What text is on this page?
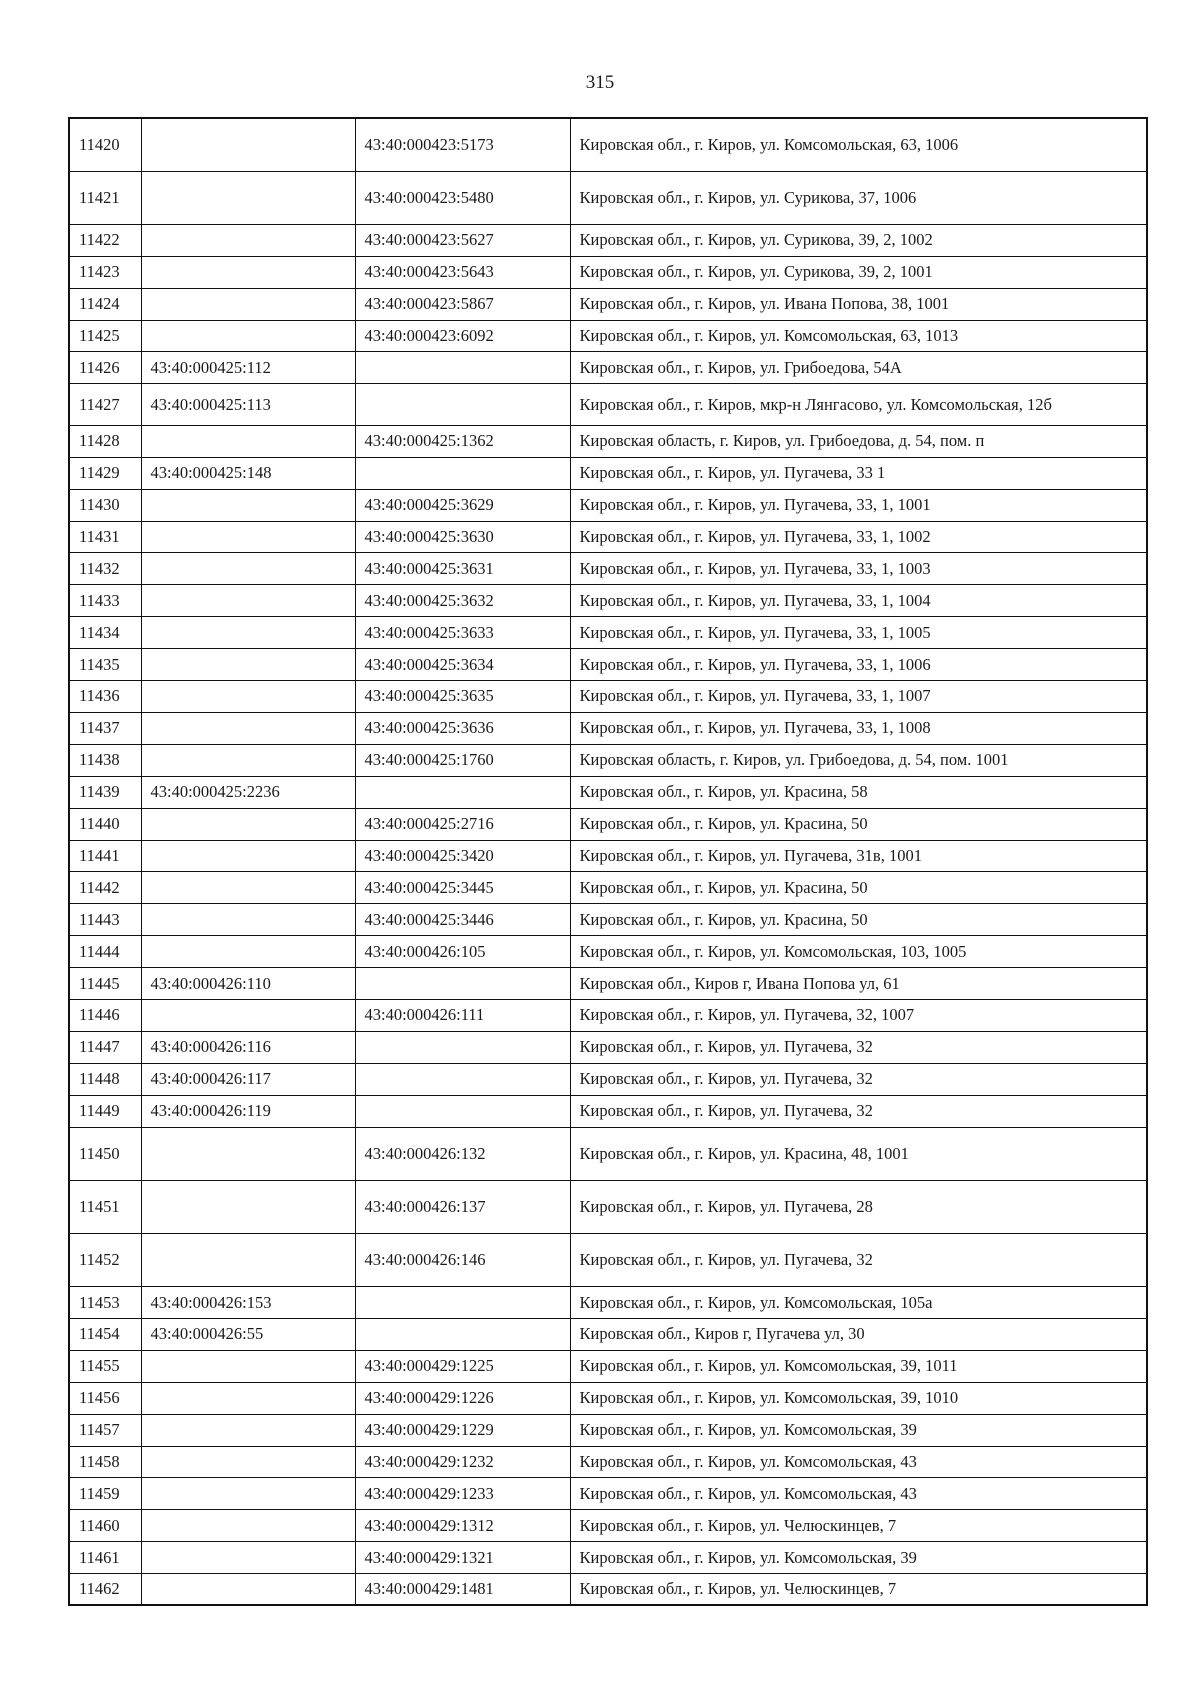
315
11420		43:40:000423:5173	Кировская обл., г. Киров, ул. Комсомольская, 63, 1006
11421		43:40:000423:5480	Кировская обл., г. Киров, ул. Сурикова, 37, 1006
11422		43:40:000423:5627	Кировская обл., г. Киров, ул. Сурикова, 39, 2, 1002
11423		43:40:000423:5643	Кировская обл., г. Киров, ул. Сурикова, 39, 2, 1001
11424		43:40:000423:5867	Кировская обл., г. Киров, ул. Ивана Попова, 38, 1001
11425		43:40:000423:6092	Кировская обл., г. Киров, ул. Комсомольская, 63, 1013
11426	43:40:000425:112		Кировская обл., г. Киров, ул. Грибоедова, 54А
11427	43:40:000425:113		Кировская обл., г. Киров, мкр-н Лянгасово, ул. Комсомольская, 12б
11428		43:40:000425:1362	Кировская область, г. Киров, ул. Грибоедова, д. 54, пом. п
11429	43:40:000425:148		Кировская обл., г. Киров, ул. Пугачева, 33 1
11430		43:40:000425:3629	Кировская обл., г. Киров, ул. Пугачева, 33, 1, 1001
11431		43:40:000425:3630	Кировская обл., г. Киров, ул. Пугачева, 33, 1, 1002
11432		43:40:000425:3631	Кировская обл., г. Киров, ул. Пугачева, 33, 1, 1003
11433		43:40:000425:3632	Кировская обл., г. Киров, ул. Пугачева, 33, 1, 1004
11434		43:40:000425:3633	Кировская обл., г. Киров, ул. Пугачева, 33, 1, 1005
11435		43:40:000425:3634	Кировская обл., г. Киров, ул. Пугачева, 33, 1, 1006
11436		43:40:000425:3635	Кировская обл., г. Киров, ул. Пугачева, 33, 1, 1007
11437		43:40:000425:3636	Кировская обл., г. Киров, ул. Пугачева, 33, 1, 1008
11438		43:40:000425:1760	Кировская область, г. Киров, ул. Грибоедова, д. 54, пом. 1001
11439	43:40:000425:2236		Кировская обл., г. Киров, ул. Красина, 58
11440		43:40:000425:2716	Кировская обл., г. Киров, ул. Красина, 50
11441		43:40:000425:3420	Кировская обл., г. Киров, ул. Пугачева, 31в, 1001
11442		43:40:000425:3445	Кировская обл., г. Киров, ул. Красина, 50
11443		43:40:000425:3446	Кировская обл., г. Киров, ул. Красина, 50
11444		43:40:000426:105	Кировская обл., г. Киров, ул. Комсомольская, 103, 1005
11445	43:40:000426:110		Кировская обл., Киров г, Ивана Попова ул, 61
11446		43:40:000426:111	Кировская обл., г. Киров, ул. Пугачева, 32, 1007
11447	43:40:000426:116		Кировская обл., г. Киров, ул. Пугачева, 32
11448	43:40:000426:117		Кировская обл., г. Киров, ул. Пугачева, 32
11449	43:40:000426:119		Кировская обл., г. Киров, ул. Пугачева, 32
11450		43:40:000426:132	Кировская обл., г. Киров, ул. Красина, 48, 1001
11451		43:40:000426:137	Кировская обл., г. Киров, ул. Пугачева, 28
11452		43:40:000426:146	Кировская обл., г. Киров, ул. Пугачева, 32
11453	43:40:000426:153		Кировская обл., г. Киров, ул. Комсомольская, 105а
11454	43:40:000426:55		Кировская обл., Киров г, Пугачева ул, 30
11455		43:40:000429:1225	Кировская обл., г. Киров, ул. Комсомольская, 39, 1011
11456		43:40:000429:1226	Кировская обл., г. Киров, ул. Комсомольская, 39, 1010
11457		43:40:000429:1229	Кировская обл., г. Киров, ул. Комсомольская, 39
11458		43:40:000429:1232	Кировская обл., г. Киров, ул. Комсомольская, 43
11459		43:40:000429:1233	Кировская обл., г. Киров, ул. Комсомольская, 43
11460		43:40:000429:1312	Кировская обл., г. Киров, ул. Челюскинцев, 7
11461		43:40:000429:1321	Кировская обл., г. Киров, ул. Комсомольская, 39
11462		43:40:000429:1481	Кировская обл., г. Киров, ул. Челюскинцев, 7
